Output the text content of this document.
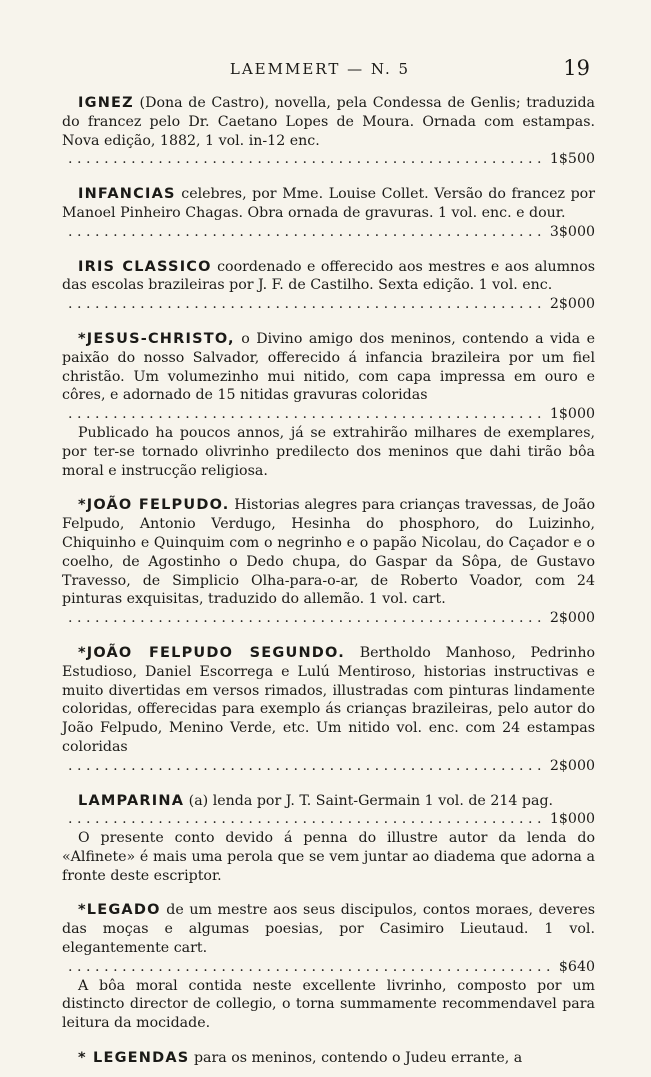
LAEMMERT — N. 5	19

IGNEZ (Dona de Castro), novella, pela Condessa de Genlis; traduzida do francez pelo Dr. Caetano Lopes de Moura. Ornada com estampas. Nova edição, 1882, 1 vol. in-12 enc.

. . .
1$500

INFANCIAS celebres, por Mme. Louise Collet. Versão do francez por Manoel Pinheiro Chagas. Obra ornada de gravuras. 1 vol. enc. e dour.

. . .
3$000

IRIS CLASSICO coordenado e offerecido aos mestres e aos alumnos das escolas brazileiras por J. F. de Castilho. Sexta edição. 1 vol. enc.

. . .
2$000

*JESUS-CHRISTO, o Divino amigo dos meninos, contendo a vida e paixão do nosso Salvador, offerecido á infancia brazileira por um fiel christão. Um volumezinho mui nitido, com capa impressa em ouro e côres, e adornado de 15 nitidas gravuras coloridas

. . .
1$000

Publicado ha poucos annos, já se extrahirão milhares de exemplares, por ter-se tornado olivrinho predilecto dos meninos que dahi tirão bôa moral e instrucção religiosa.

*JOÃO FELPUDO. Historias alegres para crianças travessas, de João Felpudo, Antonio Verdugo, Hesinha do phosphoro, do Luizinho, Chiquinho e Quinquim com o negrinho e o papão Nicolau, do Caçador e o coelho, de Agostinho o Dedo chupa, do Gaspar da Sôpa, de Gustavo Travesso, de Simplicio Olha-para-o-ar, de Roberto Voador, com 24 pinturas exquisitas, traduzido do allemão. 1 vol. cart.

. . .
2$000

*JOÃO FELPUDO SEGUNDO. Bertholdo Manhoso, Pedrinho Estudioso, Daniel Escorrega e Lulú Mentiroso, historias instructivas e muito divertidas em versos rimados, illustradas com pinturas lindamente coloridas, offerecidas para exemplo ás crianças brazileiras, pelo autor do João Felpudo, Menino Verde, etc. Um nitido vol. enc. com 24 estampas coloridas

. . .
2$000

LAMPARINA (a) lenda por J. T. Saint-Germain 1 vol. de 214 pag.

. . .
1$000

O presente conto devido á penna do illustre autor da lenda do «Alfinete» é mais uma perola que se vem juntar ao diadema que adorna a fronte deste escriptor.

*LEGADO de um mestre aos seus discipulos, contos moraes, deveres das moças e algumas poesias, por Casimiro Lieutaud. 1 vol. elegantemente cart.

. . .
$640

A bôa moral contida neste excellente livrinho, composto por um distincto director de collegio, o torna summamente recommendavel para leitura da mocidade.

* LEGENDAS para os meninos, contendo o Judeu errante, a
